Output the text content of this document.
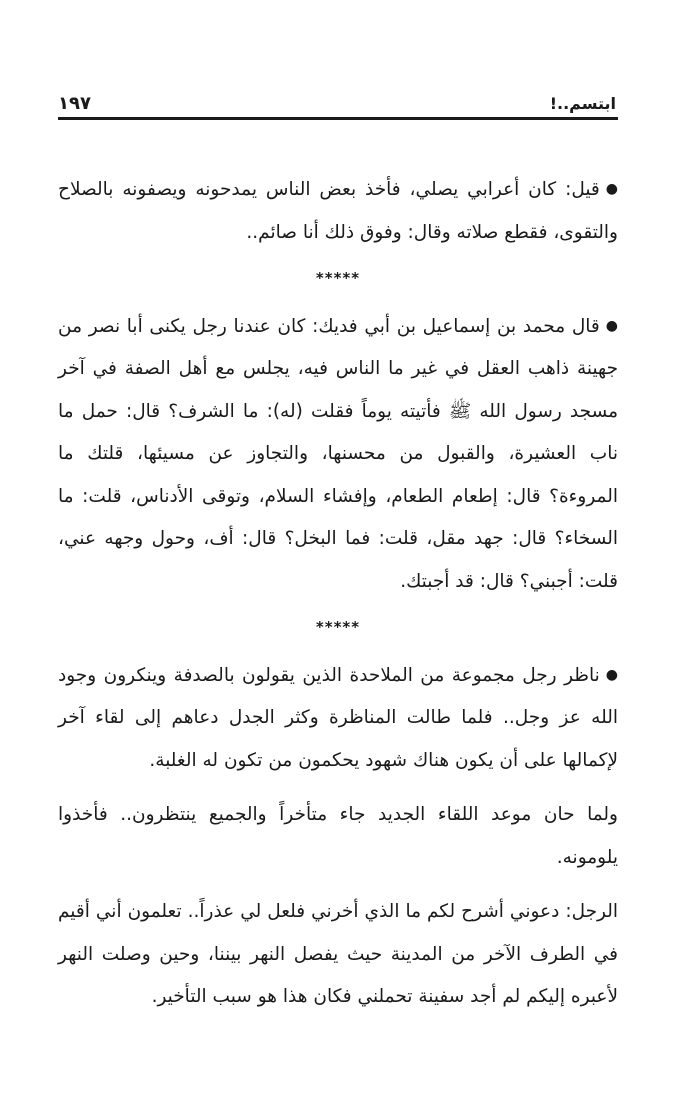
ابتسم..!
١٩٧

●قيل: كان أعرابي يصلي، فأخذ بعض الناس يمدحونه ويصفونه بالصلاح والتقوى، فقطع صلاته وقال: وفوق ذلك أنا صائم..

*****

●قال محمد بن إسماعيل بن أبي فديك: كان عندنا رجل يكنى أبا نصر من جهينة ذاهب العقل في غير ما الناس فيه، يجلس مع أهل الصفة في آخر مسجد رسول الله ﷺ فأتيته يوماً فقلت (له): ما الشرف؟ قال: حمل ما ناب العشيرة، والقبول من محسنها، والتجاوز عن مسيئها، قلتك ما المروءة؟ قال: إطعام الطعام، وإفشاء السلام، وتوقى الأدناس، قلت: ما السخاء؟ قال: جهد مقل، قلت: فما البخل؟ قال: أف، وحول وجهه عني، قلت: أجبني؟ قال: قد أجبتك.

*****

●ناظر رجل مجموعة من الملاحدة الذين يقولون بالصدفة وينكرون وجود الله عز وجل.. فلما طالت المناظرة وكثر الجدل دعاهم إلى لقاء آخر لإكمالها على أن يكون هناك شهود يحكمون من تكون له الغلبة.

ولما حان موعد اللقاء الجديد جاء متأخراً والجميع ينتظرون.. فأخذوا يلومونه.

الرجل: دعوني أشرح لكم ما الذي أخرني فلعل لي عذراً.. تعلمون أني أقيم في الطرف الآخر من المدينة حيث يفصل النهر بيننا، وحين وصلت النهر لأعبره إليكم لم أجد سفينة تحملني فكان هذا هو سبب التأخير.
